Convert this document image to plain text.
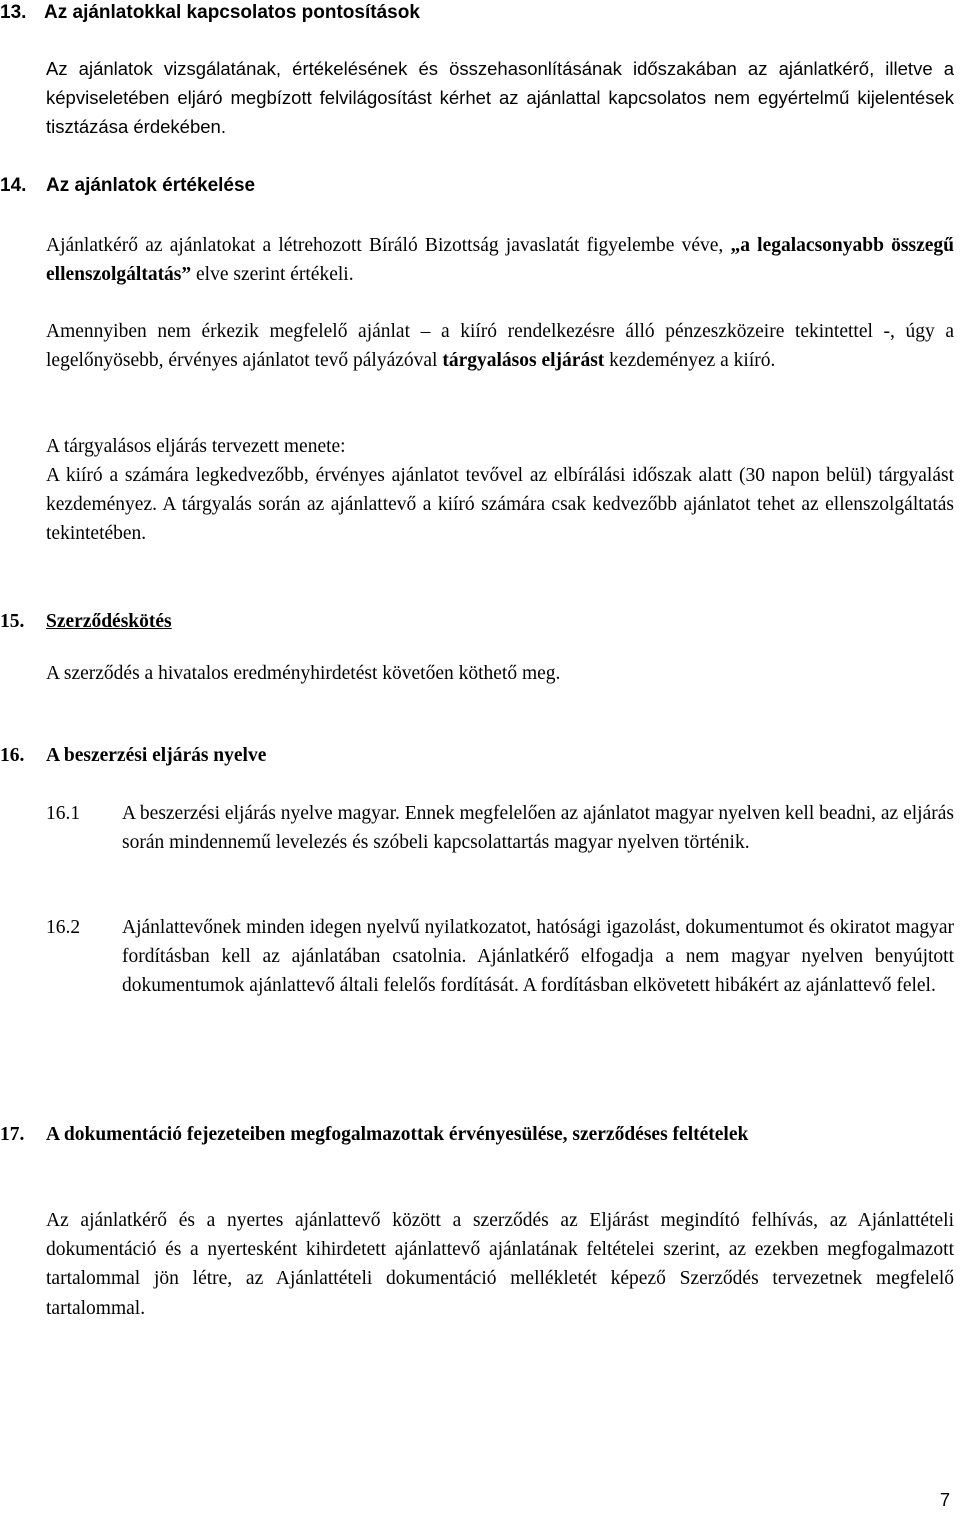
13. Az ajánlatokkal kapcsolatos pontosítások
Az ajánlatok vizsgálatának, értékelésének és összehasonlításának időszakában az ajánlatkérő, illetve a képviseletében eljáró megbízott felvilágosítást kérhet az ajánlattal kapcsolatos nem egyértelmű kijelentések tisztázása érdekében.
14. Az ajánlatok értékelése
Ajánlatkérő az ajánlatokat a létrehozott Bíráló Bizottság javaslatát figyelembe véve, „a legalacsonyabb összegű ellenszolgáltatás” elve szerint értékeli.
Amennyiben nem érkezik megfelelő ajánlat – a kiíró rendelkezésre álló pénzeszközeire tekintettel -, úgy a legelőnyösebb, érvényes ajánlatot tevő pályázóval tárgyalásos eljárást kezdeményez a kiíró.
A tárgyalásos eljárás tervezett menete:
A kiíró a számára legkedvezőbb, érvényes ajánlatot tevővel az elbírálási időszak alatt (30 napon belül) tárgyalást kezdeményez. A tárgyalás során az ajánlattevő a kiíró számára csak kedvezőbb ajánlatot tehet az ellenszolgáltatás tekintetében.
15. Szerződéskötés
A szerződés a hivatalos eredményhirdetést követően köthető meg.
16. A beszerzési eljárás nyelve
16.1 A beszerzési eljárás nyelve magyar. Ennek megfelelően az ajánlatot magyar nyelven kell beadni, az eljárás során mindennemű levelezés és szóbeli kapcsolattartás magyar nyelven történik.
16.2 Ajánlattevőnek minden idegen nyelvű nyilatkozatot, hatósági igazolást, dokumentumot és okiratot magyar fordításban kell az ajánlatában csatolnia. Ajánlatkérő elfogadja a nem magyar nyelven benyújtott dokumentumok ajánlattevő általi felelős fordítását. A fordításban elkövetett hibákért az ajánlattevő felel.
17. A dokumentáció fejezeteiben megfogalmazottak érvényesülése, szerződéses feltételek
Az ajánlatkérő és a nyertes ajánlattevő között a szerződés az Eljárást megindító felhívás, az Ajánlattételi dokumentáció és a nyertesként kihirdetett ajánlattevő ajánlatának feltételei szerint, az ezekben megfogalmazott tartalommal jön létre, az Ajánlattételi dokumentáció mellékletét képező Szerződés tervezetnek megfelelő tartalommal.
7
